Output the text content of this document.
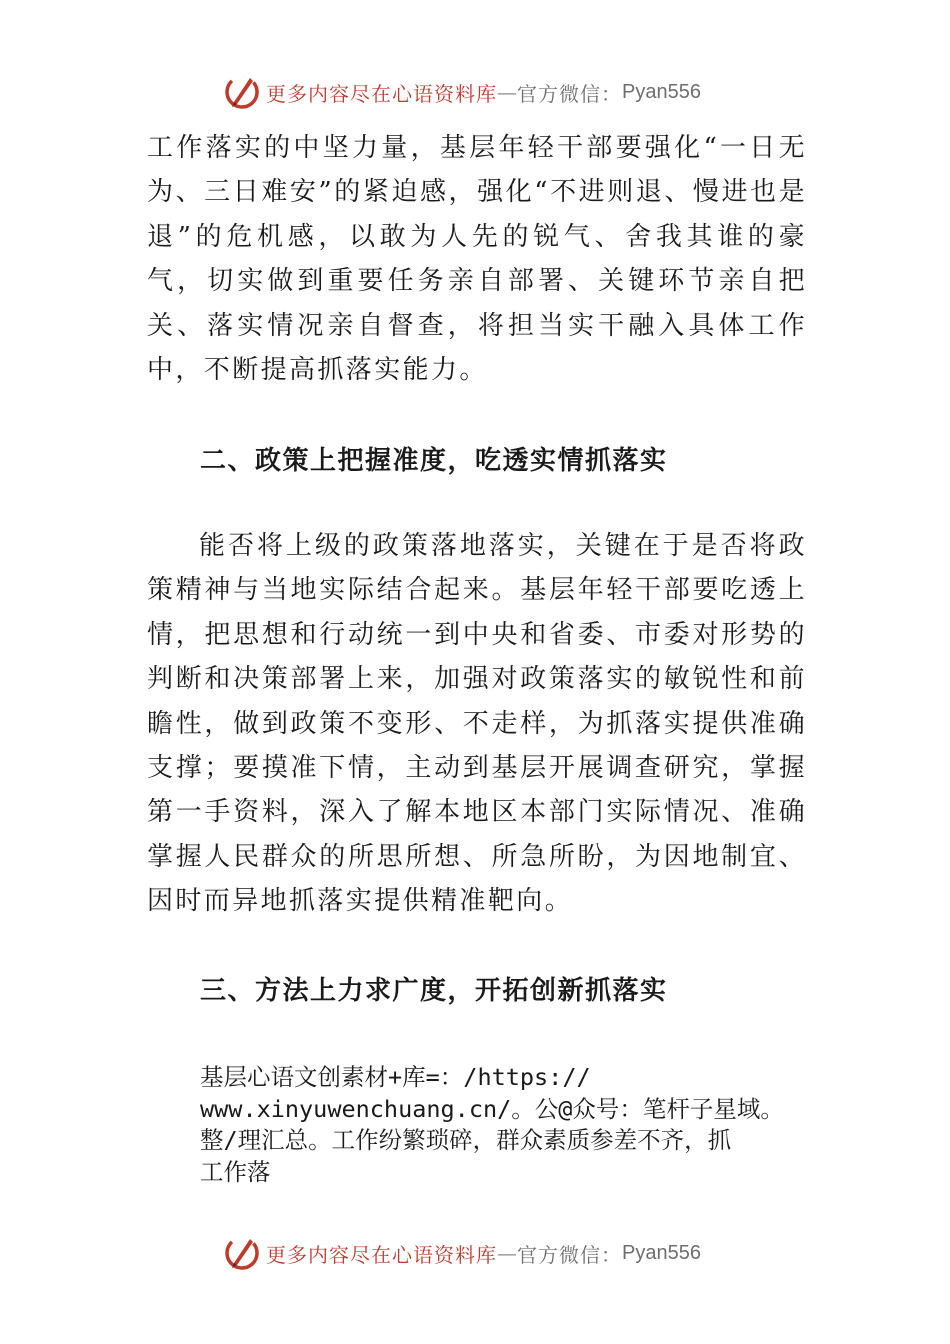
更多内容尽在心语资料库 — 官方微信： Pyan556

工作落实的中坚力量，基层年轻干部要强化“一日无为、三日难安”的紧迫感，强化“不进则退、慢进也是退”的危机感，以敢为人先的锐气、舍我其谁的豪气，切实做到重要任务亲自部署、关键环节亲自把关、落实情况亲自督查，将担当实干融入具体工作中，不断提高抓落实能力。

二、政策上把握准度，吃透实情抓落实

能否将上级的政策落地落实，关键在于是否将政策精神与当地实际结合起来。基层年轻干部要吃透上情，把思想和行动统一到中央和省委、市委对形势的判断和决策部署上来，加强对政策落实的敏锐性和前瞻性，做到政策不变形、不走样，为抓落实提供准确支撑；要摸准下情，主动到基层开展调查研究，掌握第一手资料，深入了解本地区本部门实际情况、准确掌握人民群众的所思所想、所急所盼，为因地制宜、因时而异地抓落实提供精准靶向。

三、方法上力求广度，开拓创新抓落实

基层心语文创素材+库=：/https://
www.xinyuwenchuang.cn/。公@众号：笔杆子星域。
整/理汇总。工作纷繁琐碎，群众素质参差不齐，抓
工作落

更多内容尽在心语资料库 — 官方微信： Pyan556
